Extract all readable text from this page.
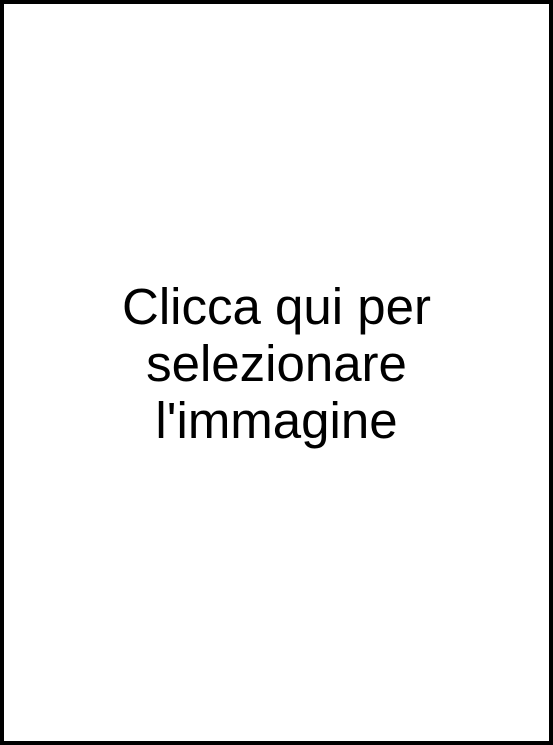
Clicca qui per
selezionare
l'immagine
